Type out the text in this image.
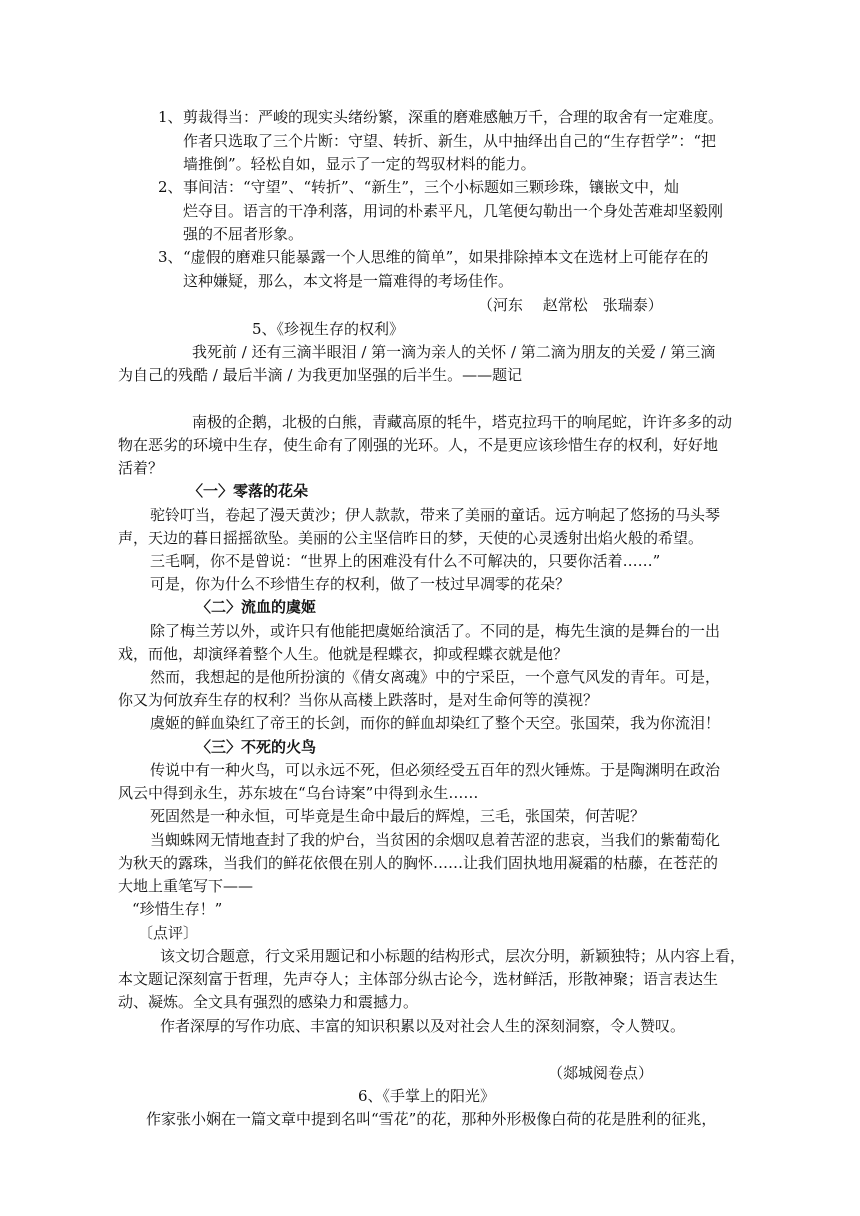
1、 剪裁得当：严峻的现实头绪纷繁，深重的磨难感触万千，合理的取舍有一定难度。
作者只选取了三个片断：守望、转折、新生，从中抽绎出自己的“生存哲学”：“把
墙推倒”。轻松自如，显示了一定的驾驭材料的能力。
2、 事间洁：“守望”、“转折”、“新生”，三个小标题如三颗珍珠，镶嵌文中，灿
烂夺目。语言的干净利落，用词的朴素平凡，几笔便勾勒出一个身处苦难却坚毅刚
强的不屈者形象。
3、 “虚假的磨难只能暴露一个人思维的简单”，如果排除掉本文在选材上可能存在的
这种嫌疑，那么，本文将是一篇难得的考场佳作。
（河东　 赵常松　张瑞泰）
5、《珍视生存的权利》
我死前 / 还有三滴半眼泪 / 第一滴为亲人的关怀 / 第二滴为朋友的关爱 / 第三滴
为自己的残酷 / 最后半滴 / 为我更加坚强的后半生。——题记
南极的企鹅，北极的白熊，青藏高原的牦牛，塔克拉玛干的响尾蛇，许许多多的动
物在恶劣的环境中生存，使生命有了刚强的光环。人，不是更应该珍惜生存的权利，好好地
活着？
〈一〉零落的花朵
驼铃叮当，卷起了漫天黄沙；伊人款款，带来了美丽的童话。远方响起了悠扬的马头琴
声，天边的暮日摇摇欲坠。美丽的公主坚信昨日的梦，天使的心灵透射出焰火般的希望。
三毛啊，你不是曾说：“世界上的困难没有什么不可解决的，只要你活着……”
可是，你为什么不珍惜生存的权利，做了一枝过早凋零的花朵？
〈二〉流血的虞姬
除了梅兰芳以外，或许只有他能把虞姬给演活了。不同的是，梅先生演的是舞台的一出
戏，而他，却演绎着整个人生。他就是程蝶衣，抑或程蝶衣就是他？
然而，我想起的是他所扮演的《倩女离魂》中的宁采臣，一个意气风发的青年。可是，
你又为何放弃生存的权利？当你从高楼上跌落时，是对生命何等的漠视？
虞姬的鲜血染红了帝王的长剑，而你的鲜血却染红了整个天空。张国荣，我为你流泪！
〈三〉不死的火鸟
传说中有一种火鸟，可以永远不死，但必须经受五百年的烈火锤炼。于是陶渊明在政治
风云中得到永生，苏东坡在“乌台诗案”中得到永生……
死固然是一种永恒，可毕竟是生命中最后的辉煌，三毛，张国荣，何苦呢？
当蜘蛛网无情地查封了我的炉台，当贫困的余烟叹息着苦涩的悲哀，当我们的紫葡萄化
为秋天的露珠，当我们的鲜花依偎在别人的胸怀……让我们固执地用凝霜的枯藤，在苍茫的
大地上重笔写下——
“珍惜生存！”
〔点评〕
该文切合题意，行文采用题记和小标题的结构形式，层次分明，新颖独特；从内容上看，
本文题记深刻富于哲理，先声夺人；主体部分纵古论今，选材鲜活，形散神聚；语言表达生
动、凝炼。全文具有强烈的感染力和震撼力。
作者深厚的写作功底、丰富的知识积累以及对社会人生的深刻洞察，令人赞叹。
（郯城阅卷点）
6、《手掌上的阳光》
作家张小娴在一篇文章中提到名叫“雪花”的花，那种外形极像白荷的花是胜利的征兆，
